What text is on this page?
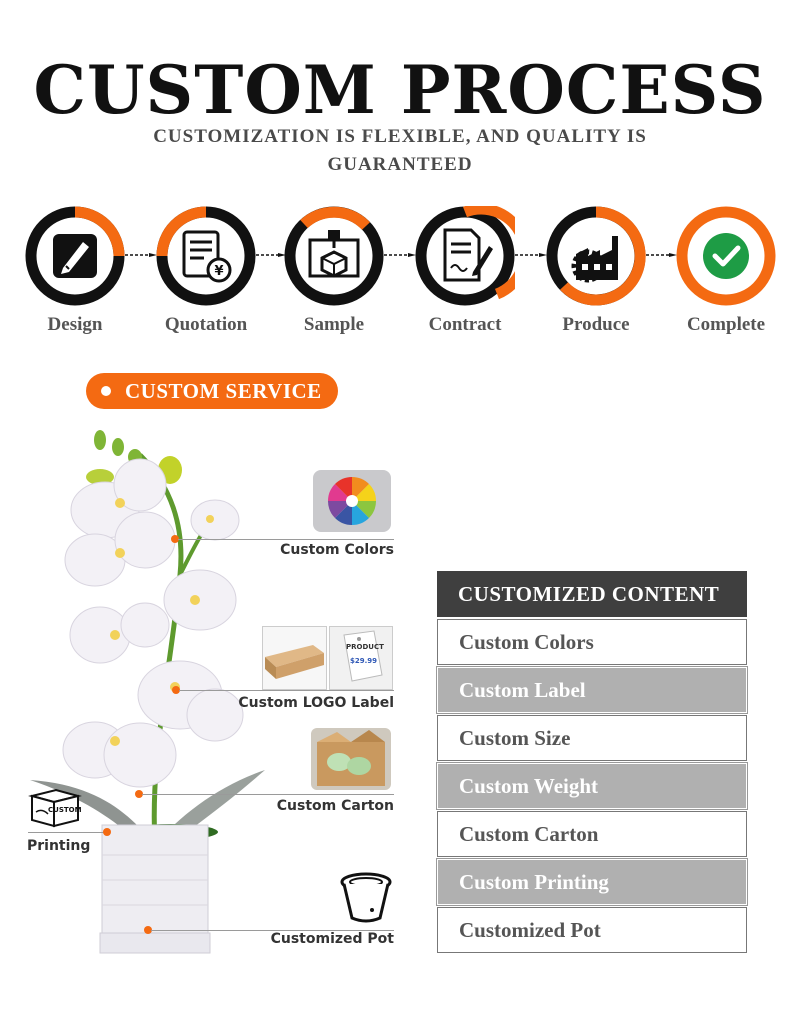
CUSTOM PROCESS
CUSTOMIZATION IS FLEXIBLE, AND QUALITY IS GUARANTEED
Design
¥
Quotation	Sample	Contract	Produce	Complete
CUSTOM SERVICE
Custom Colors
PRODUCT
$29.99
Custom LOGO Label
Custom Carton
CUSTOM
Printing
Customized Pot
CUSTOMIZED CONTENT
Custom Colors
Custom Label
Custom Size
Custom Weight
Custom Carton
Custom Printing
Customized Pot
